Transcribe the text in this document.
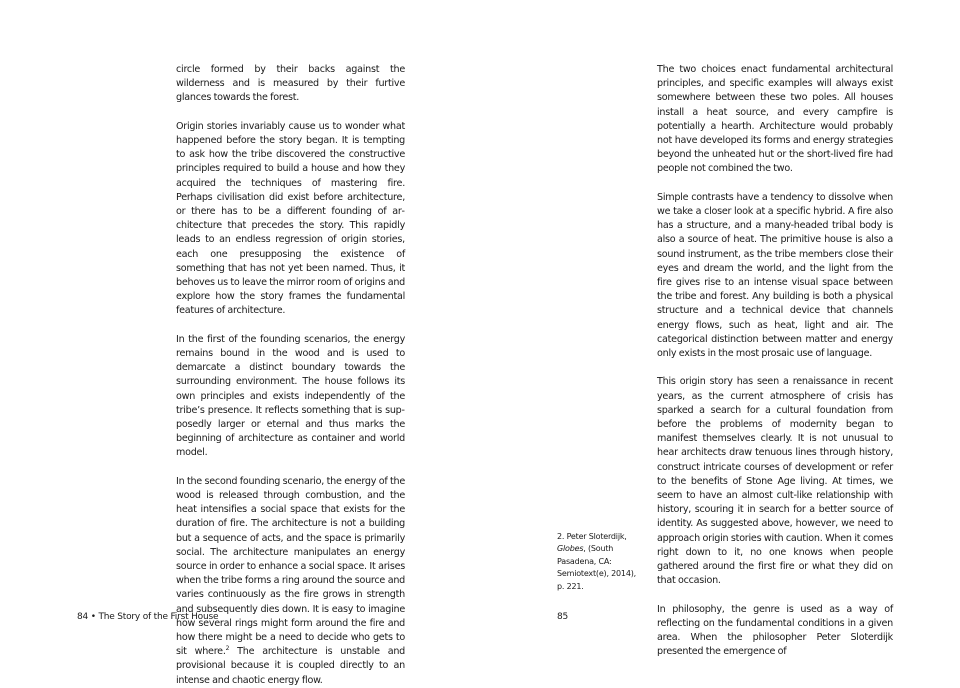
circle formed by their backs against the wilderness and is measured by their furtive glances towards the forest.

Origin stories invariably cause us to wonder what happened before the story began. It is tempting to ask how the tribe discovered the constructive principles required to build a house and how they acquired the techniques of mastering fire. Perhaps civilisation did exist before architecture, or there has to be a different founding of architecture that precedes the story. This rapidly leads to an endless regression of origin stories, each one presupposing the existence of something that has not yet been named. Thus, it behoves us to leave the mirror room of origins and explore how the story frames the fundamental features of architecture.

In the first of the founding scenarios, the energy remains bound in the wood and is used to demarcate a distinct boundary towards the surrounding environment. The house follows its own principles and exists independently of the tribe’s presence. It reflects something that is supposedly larger or eternal and thus marks the beginning of architecture as container and world model.

In the second founding scenario, the energy of the wood is released through combustion, and the heat intensifies a social space that exists for the duration of fire. The architecture is not a building but a sequence of acts, and the space is primarily social. The architecture manipulates an energy source in order to enhance a social space. It arises when the tribe forms a ring around the source and varies continuously as the fire grows in strength and subsequently dies down. It is easy to imagine how several rings might form around the fire and how there might be a need to decide who gets to sit where.$^2$ The architecture is unstable and provisional because it is coupled directly to an intense and chaotic energy flow.

84 • The Story of the First House
2. Peter Sloterdijk, Globes, (South Pasadena, CA: Semiotext(e), 2014), p. 221.

The two choices enact fundamental architectural principles, and specific examples will always exist somewhere between these two poles. All houses install a heat source, and every campfire is potentially a hearth. Architecture would probably not have developed its forms and energy strategies beyond the unheated hut or the short-lived fire had people not combined the two.

Simple contrasts have a tendency to dissolve when we take a closer look at a specific hybrid. A fire also has a structure, and a many-headed tribal body is also a source of heat. The primitive house is also a sound instrument, as the tribe members close their eyes and dream the world, and the light from the fire gives rise to an intense visual space between the tribe and forest. Any building is both a physical structure and a technical device that channels energy flows, such as heat, light and air. The categorical distinction between matter and energy only exists in the most prosaic use of language.

This origin story has seen a renaissance in recent years, as the current atmosphere of crisis has sparked a search for a cultural foundation from before the problems of modernity began to manifest themselves clearly. It is not unusual to hear architects draw tenuous lines through history, construct intricate courses of development or refer to the benefits of Stone Age living. At times, we seem to have an almost cult-like relationship with history, scouring it in search for a better source of identity. As suggested above, however, we need to approach origin stories with caution. When it comes right down to it, no one knows when people gathered around the first fire or what they did on that occasion.

In philosophy, the genre is used as a way of reflecting on the fundamental conditions in a given area. When the philosopher Peter Sloterdijk presented the emergence of

85
